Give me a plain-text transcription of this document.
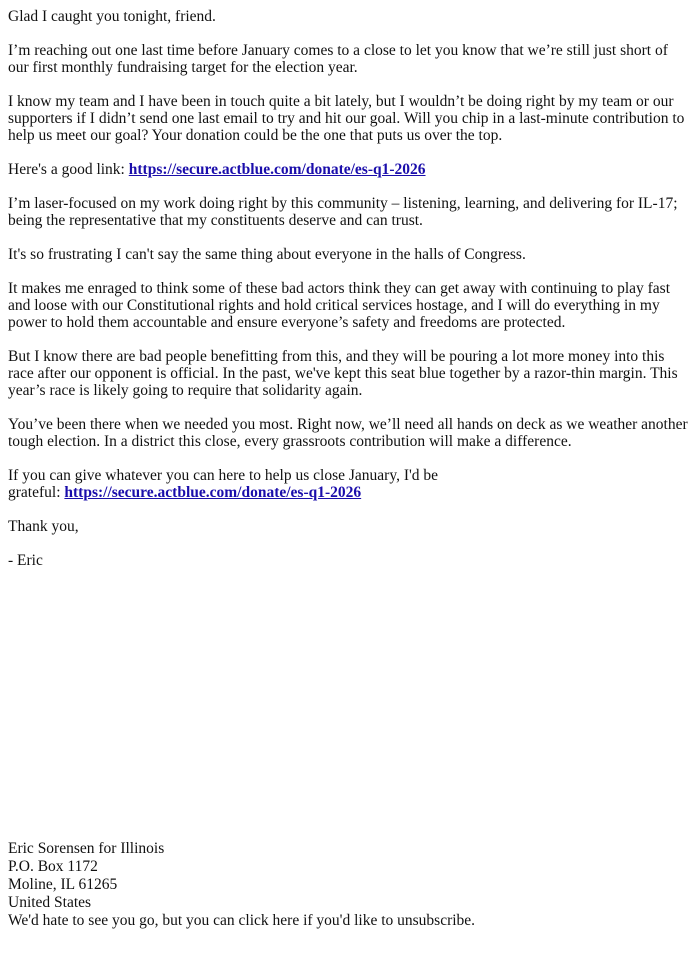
Glad I caught you tonight, friend.

I’m reaching out one last time before January comes to a close to let you know that we’re still just short of our first monthly fundraising target for the election year.

I know my team and I have been in touch quite a bit lately, but I wouldn’t be doing right by my team or our supporters if I didn’t send one last email to try and hit our goal. Will you chip in a last-minute contribution to help us meet our goal? Your donation could be the one that puts us over the top.

Here's a good link: https://secure.actblue.com/donate/es-q1-2026

I’m laser-focused on my work doing right by this community – listening, learning, and delivering for IL-17; being the representative that my constituents deserve and can trust.

It's so frustrating I can't say the same thing about everyone in the halls of Congress.

It makes me enraged to think some of these bad actors think they can get away with continuing to play fast and loose with our Constitutional rights and hold critical services hostage, and I will do everything in my power to hold them accountable and ensure everyone’s safety and freedoms are protected.

But I know there are bad people benefitting from this, and they will be pouring a lot more money into this race after our opponent is official. In the past, we've kept this seat blue together by a razor-thin margin. This year’s race is likely going to require that solidarity again.

You’ve been there when we needed you most. Right now, we’ll need all hands on deck as we weather another tough election. In a district this close, every grassroots contribution will make a difference.

If you can give whatever you can here to help us close January, I'd be
grateful: https://secure.actblue.com/donate/es-q1-2026

Thank you,

- Eric

Eric Sorensen for Illinois
P.O. Box 1172
Moline, IL 61265
United States
We'd hate to see you go, but you can click here if you'd like to unsubscribe.
